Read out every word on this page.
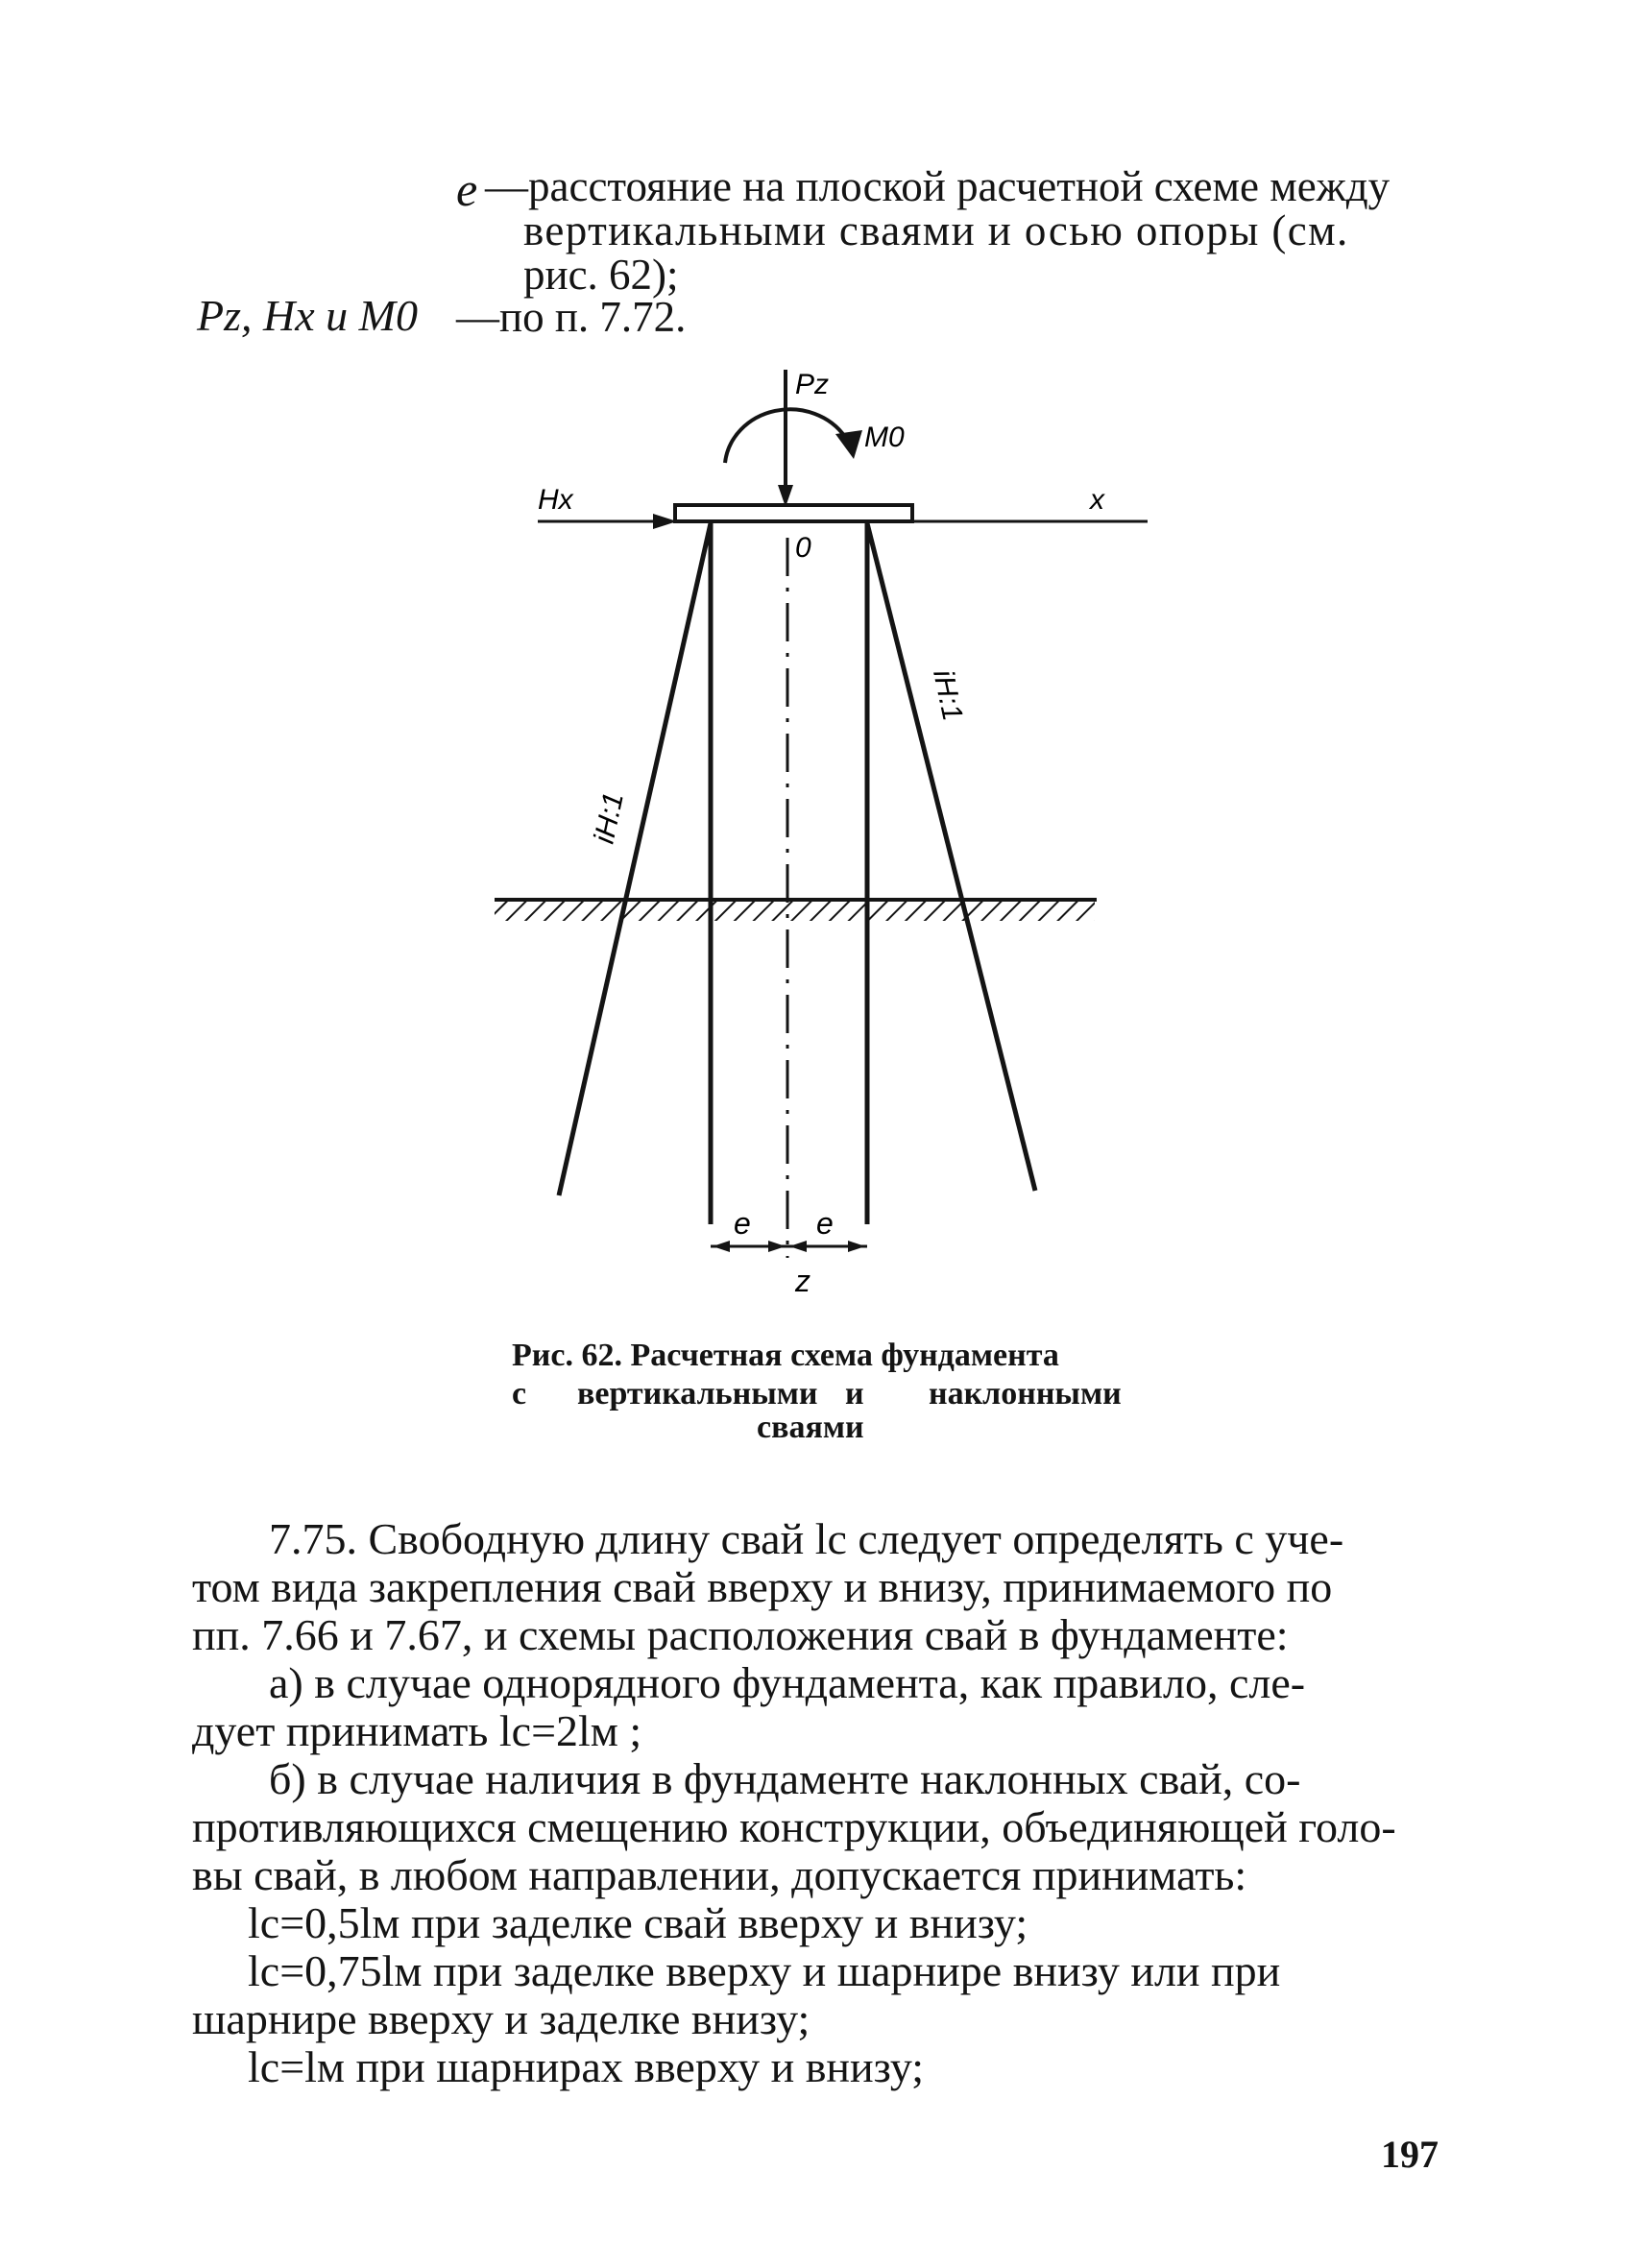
e —расстояние на плоской расчетной схеме между
вертикальными сваями и осью опоры (см.
рис. 62);
Pz, Hx и M0 —по п. 7.72.
Pz
M0
Hx	x
0
iH:1
iH:1
e e
z
Рис. 62. Расчетная схема фундамента
с вертикальными и наклонными
сваями
7.75. Свободную длину свай lc следует определять с уче-
том вида закрепления свай вверху и внизу, принимаемого по
пп. 7.66 и 7.67, и схемы расположения свай в фундаменте:
а) в случае однорядного фундамента, как правило, сле-
дует принимать lc=2lм ;
б) в случае наличия в фундаменте наклонных свай, со-
противляющихся смещению конструкции, объединяющей голо-
вы свай, в любом направлении, допускается принимать:
lc=0,5lм при заделке свай вверху и внизу;
lc=0,75lм при заделке вверху и шарнире внизу или при
шарнире вверху и заделке внизу;
lc=lм при шарнирах вверху и внизу;
197
